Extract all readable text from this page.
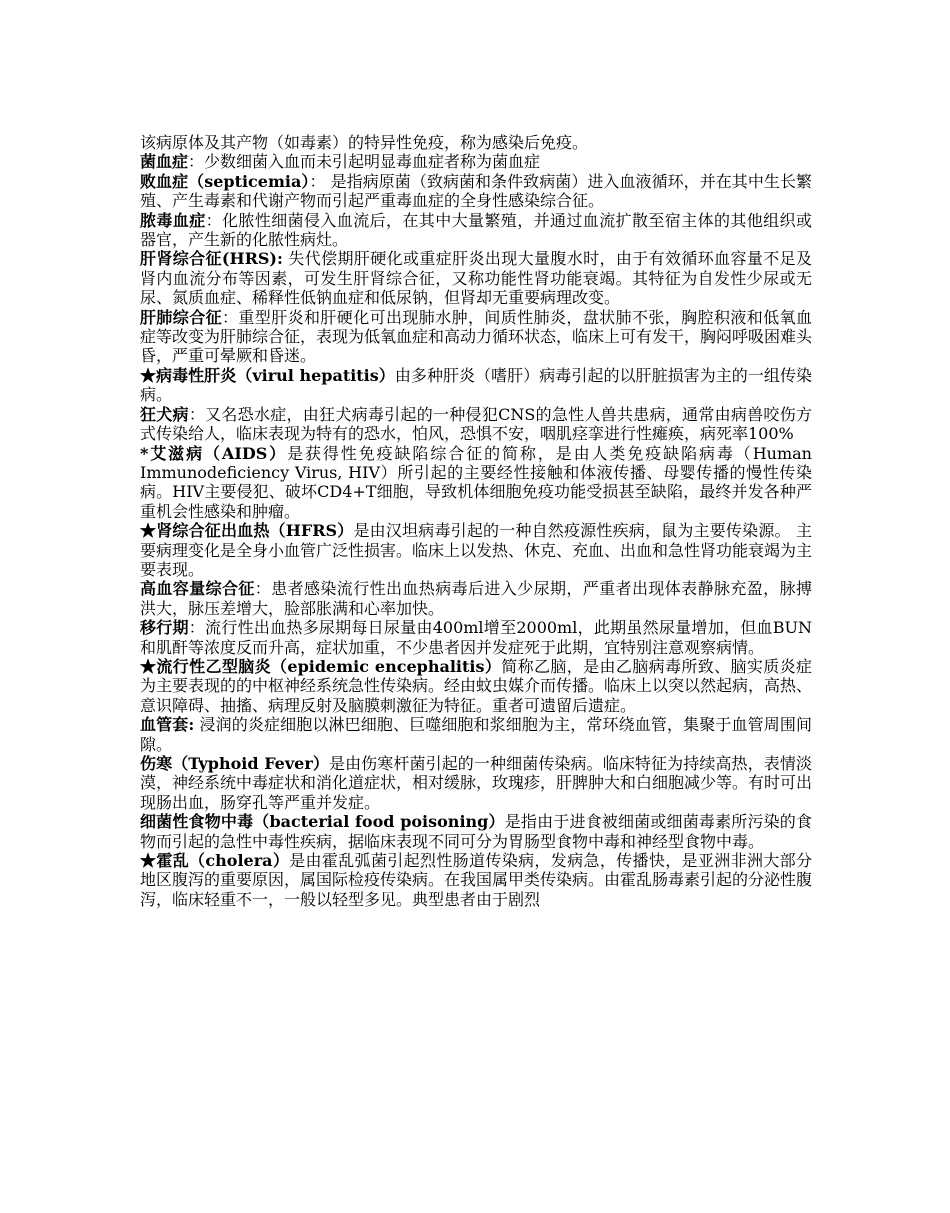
该病原体及其产物（如毒素）的特异性免疫，称为感染后免疫。

菌血症：少数细菌入血而未引起明显毒血症者称为菌血症

败血症（septicemia）： 是指病原菌（致病菌和条件致病菌）进入血液循环，并在其中生长繁殖、产生毒素和代谢产物而引起严重毒血症的全身性感染综合征。

脓毒血症：化脓性细菌侵入血流后，在其中大量繁殖，并通过血流扩散至宿主体的其他组织或器官，产生新的化脓性病灶。

肝肾综合征(HRS): 失代偿期肝硬化或重症肝炎出现大量腹水时，由于有效循环血容量不足及肾内血流分布等因素，可发生肝肾综合征，又称功能性肾功能衰竭。其特征为自发性少尿或无尿、氮质血症、稀释性低钠血症和低尿钠，但肾却无重要病理改变。

肝肺综合征：重型肝炎和肝硬化可出现肺水肿，间质性肺炎，盘状肺不张，胸腔积液和低氧血症等改变为肝肺综合征，表现为低氧血症和高动力循环状态，临床上可有发干，胸闷呼吸困难头昏，严重可晕厥和昏迷。

★病毒性肝炎（virul hepatitis）由多种肝炎（嗜肝）病毒引起的以肝脏损害为主的一组传染病。

狂犬病：又名恐水症，由狂犬病毒引起的一种侵犯CNS的急性人兽共患病，通常由病兽咬伤方式传染给人，临床表现为特有的恐水，怕风，恐惧不安，咽肌痉挛进行性瘫痪，病死率100%

*艾滋病（AIDS）是获得性免疫缺陷综合征的简称，是由人类免疫缺陷病毒（Human Immunodeficiency Virus, HIV）所引起的主要经性接触和体液传播、母婴传播的慢性传染病。HIV主要侵犯、破坏CD4+T细胞，导致机体细胞免疫功能受损甚至缺陷，最终并发各种严重机会性感染和肿瘤。

★肾综合征出血热（HFRS）是由汉坦病毒引起的一种自然疫源性疾病，鼠为主要传染源。 主要病理变化是全身小血管广泛性损害。临床上以发热、休克、充血、出血和急性肾功能衰竭为主要表现。

高血容量综合征：患者感染流行性出血热病毒后进入少尿期，严重者出现体表静脉充盈，脉搏洪大，脉压差增大，脸部胀满和心率加快。

移行期：流行性出血热多尿期每日尿量由400ml增至2000ml，此期虽然尿量增加，但血BUN和肌酐等浓度反而升高，症状加重，不少患者因并发症死于此期，宜特别注意观察病情。

★流行性乙型脑炎（epidemic encephalitis）简称乙脑，是由乙脑病毒所致、脑实质炎症为主要表现的的中枢神经系统急性传染病。经由蚊虫媒介而传播。临床上以突以然起病，高热、意识障碍、抽搐、病理反射及脑膜刺激征为特征。重者可遗留后遗症。

血管套: 浸润的炎症细胞以淋巴细胞、巨噬细胞和浆细胞为主，常环绕血管，集聚于血管周围间隙。

伤寒（Typhoid Fever）是由伤寒杆菌引起的一种细菌传染病。临床特征为持续高热，表情淡漠，神经系统中毒症状和消化道症状，相对缓脉，玫瑰疹，肝脾肿大和白细胞减少等。有时可出现肠出血，肠穿孔等严重并发症。

细菌性食物中毒（bacterial food poisoning）是指由于进食被细菌或细菌毒素所污染的食物而引起的急性中毒性疾病，据临床表现不同可分为胃肠型食物中毒和神经型食物中毒。

★霍乱（cholera）是由霍乱弧菌引起烈性肠道传染病，发病急，传播快，是亚洲非洲大部分地区腹泻的重要原因，属国际检疫传染病。在我国属甲类传染病。由霍乱肠毒素引起的分泌性腹泻，临床轻重不一，一般以轻型多见。典型患者由于剧烈
